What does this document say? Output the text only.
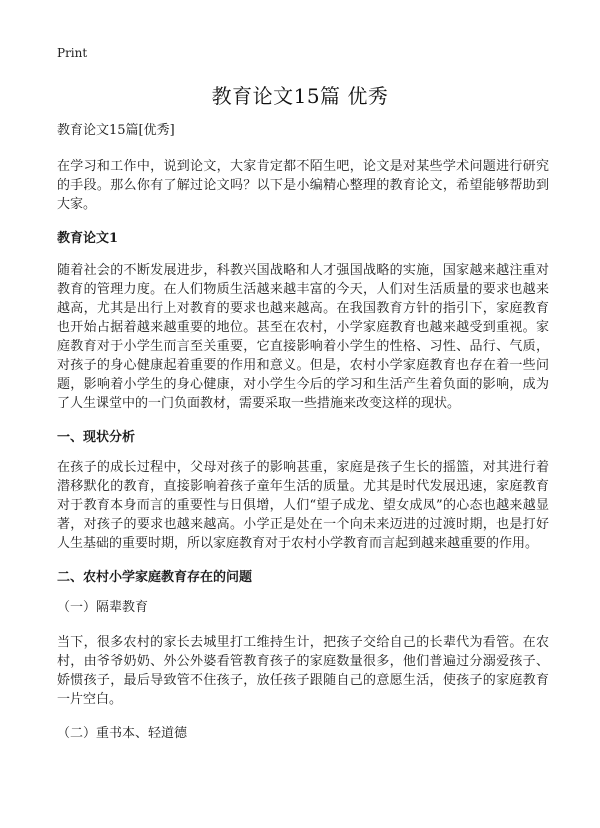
Print
教育论文15篇 优秀

教育论文15篇[优秀]

在学习和工作中，说到论文，大家肯定都不陌生吧，论文是对某些学术问题进行研究的手段。那么你有了解过论文吗？以下是小编精心整理的教育论文，希望能够帮助到大家。

教育论文1

随着社会的不断发展进步，科教兴国战略和人才强国战略的实施，国家越来越注重对教育的管理力度。在人们物质生活越来越丰富的今天，人们对生活质量的要求也越来越高，尤其是出行上对教育的要求也越来越高。在我国教育方针的指引下，家庭教育也开始占据着越来越重要的地位。甚至在农村，小学家庭教育也越来越受到重视。家庭教育对于小学生而言至关重要，它直接影响着小学生的性格、习性、品行、气质，对孩子的身心健康起着重要的作用和意义。但是，农村小学家庭教育也存在着一些问题，影响着小学生的身心健康，对小学生今后的学习和生活产生着负面的影响，成为了人生课堂中的一门负面教材，需要采取一些措施来改变这样的现状。

一、现状分析

在孩子的成长过程中，父母对孩子的影响甚重，家庭是孩子生长的摇篮，对其进行着潜移默化的教育，直接影响着孩子童年生活的质量。尤其是时代发展迅速，家庭教育对于教育本身而言的重要性与日俱增，人们“望子成龙、望女成凤”的心态也越来越显著，对孩子的要求也越来越高。小学正是处在一个向未来迈进的过渡时期，也是打好人生基础的重要时期，所以家庭教育对于农村小学教育而言起到越来越重要的作用。

二、农村小学家庭教育存在的问题

（一）隔辈教育

当下，很多农村的家长去城里打工维持生计，把孩子交给自己的长辈代为看管。在农村，由爷爷奶奶、外公外婆看管教育孩子的家庭数量很多，他们普遍过分溺爱孩子、娇惯孩子，最后导致管不住孩子，放任孩子跟随自己的意愿生活，使孩子的家庭教育一片空白。

（二）重书本、轻道德
